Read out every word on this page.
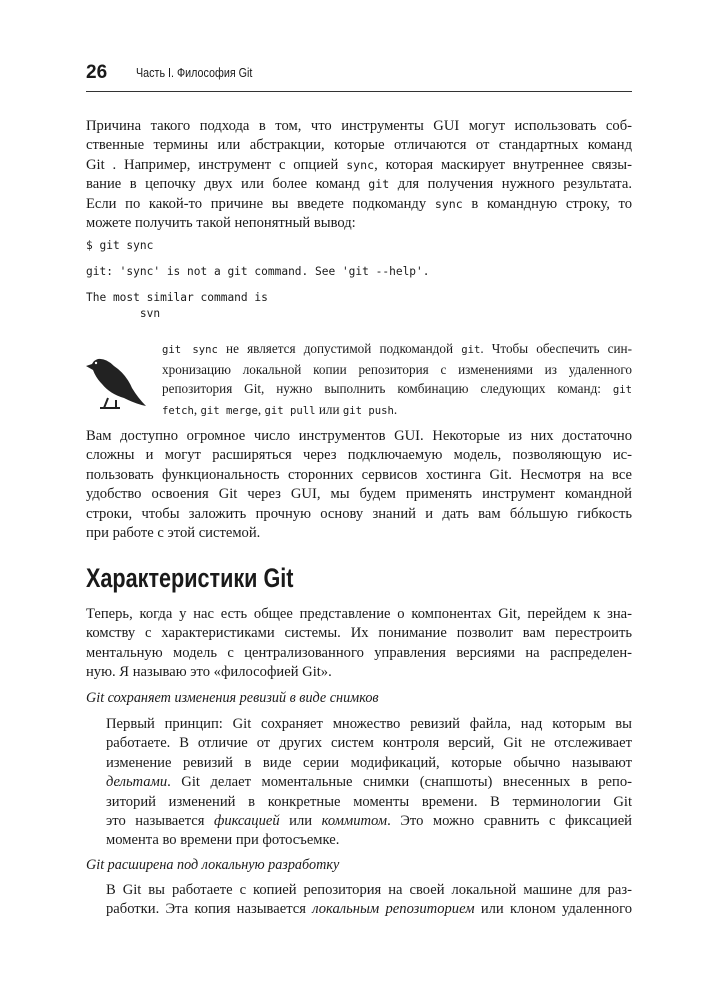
26 Часть I. Философия Git
Причина такого подхода в том, что инструменты GUI могут использовать соб-
ственные термины или абстракции, которые отличаются от стандартных команд
Git . Например, инструмент с опцией sync, которая маскирует внутреннее связы-
вание в цепочку двух или более команд git для получения нужного результата.
Если по какой-то причине вы введете подкоманду sync в командную строку, то
можете получить такой непонятный вывод:
$ git sync
git: 'sync' is not a git command. See 'git --help'.
The most similar command is
svn
git sync не является допустимой подкомандой git. Чтобы обеспечить син-
хронизацию локальной копии репозитория с изменениями из удаленного
репозитория Git, нужно выполнить комбинацию следующих команд: git
fetch, git merge, git pull или git push.
Вам доступно огромное число инструментов GUI. Некоторые из них достаточно
сложны и могут расширяться через подключаемую модель, позволяющую ис-
пользовать функциональность сторонних сервисов хостинга Git. Несмотря на все
удобство освоения Git через GUI, мы будем применять инструмент командной
строки, чтобы заложить прочную основу знаний и дать вам бóльшую гибкость
при работе с этой системой.
Характеристики Git
Теперь, когда у нас есть общее представление о компонентах Git, перейдем к зна-
комству с характеристиками системы. Их понимание позволит вам перестроить
ментальную модель с централизованного управления версиями на распределен-
ную. Я называю это «философией Git».
Git сохраняет изменения ревизий в виде снимков
Первый принцип: Git сохраняет множество ревизий файла, над которым вы
работаете. В отличие от других систем контроля версий, Git не отслеживает
изменение ревизий в виде серии модификаций, которые обычно называют
дельтами. Git делает моментальные снимки (снапшоты) внесенных в репо-
зиторий изменений в конкретные моменты времени. В терминологии Git
это называется фиксацией или коммитом. Это можно сравнить с фиксацией
момента во времени при фотосъемке.
Git расширена под локальную разработку
В Git вы работаете с копией репозитория на своей локальной машине для раз-
работки. Эта копия называется локальным репозиторием или клоном удаленного
